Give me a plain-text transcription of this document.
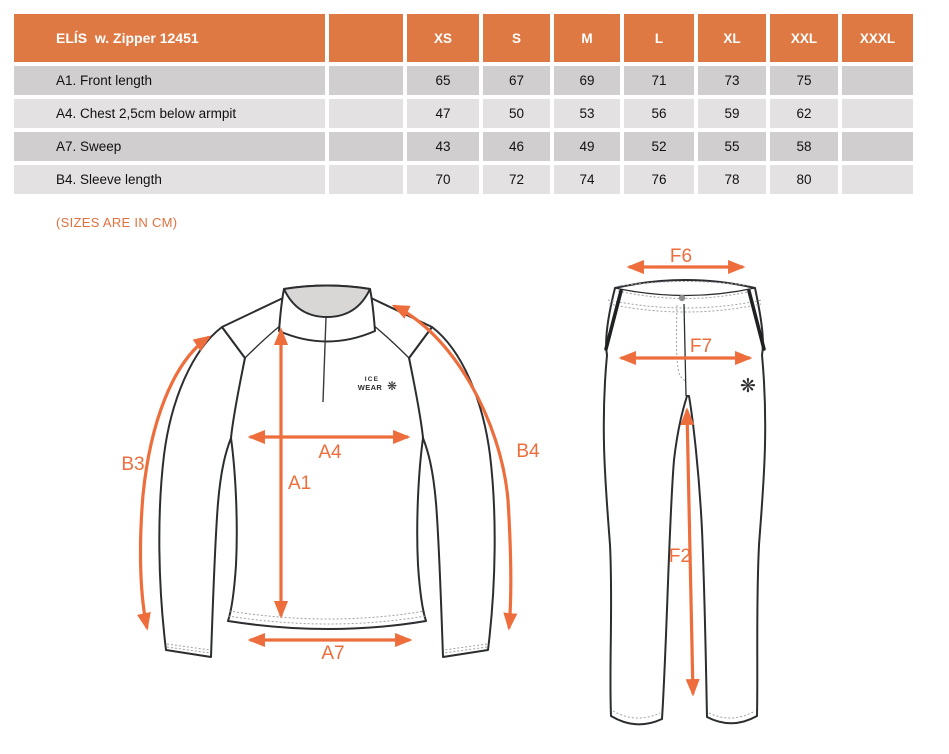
ELÍS  w. Zipper 12451		XS	S	M	L	XL	XXL	XXXL
A1. Front length		65	67	69	71	73	75	
A4. Chest 2,5cm below armpit		47	50	53	56	59	62	
A7. Sweep		43	46	49	52	55	58	
B4. Sleeve length		70	72	74	76	78	80	
(SIZES ARE IN CM)
ICE
WEAR ❋
B3
A4
A1
B4
A7
❋
F6
F7
F2
